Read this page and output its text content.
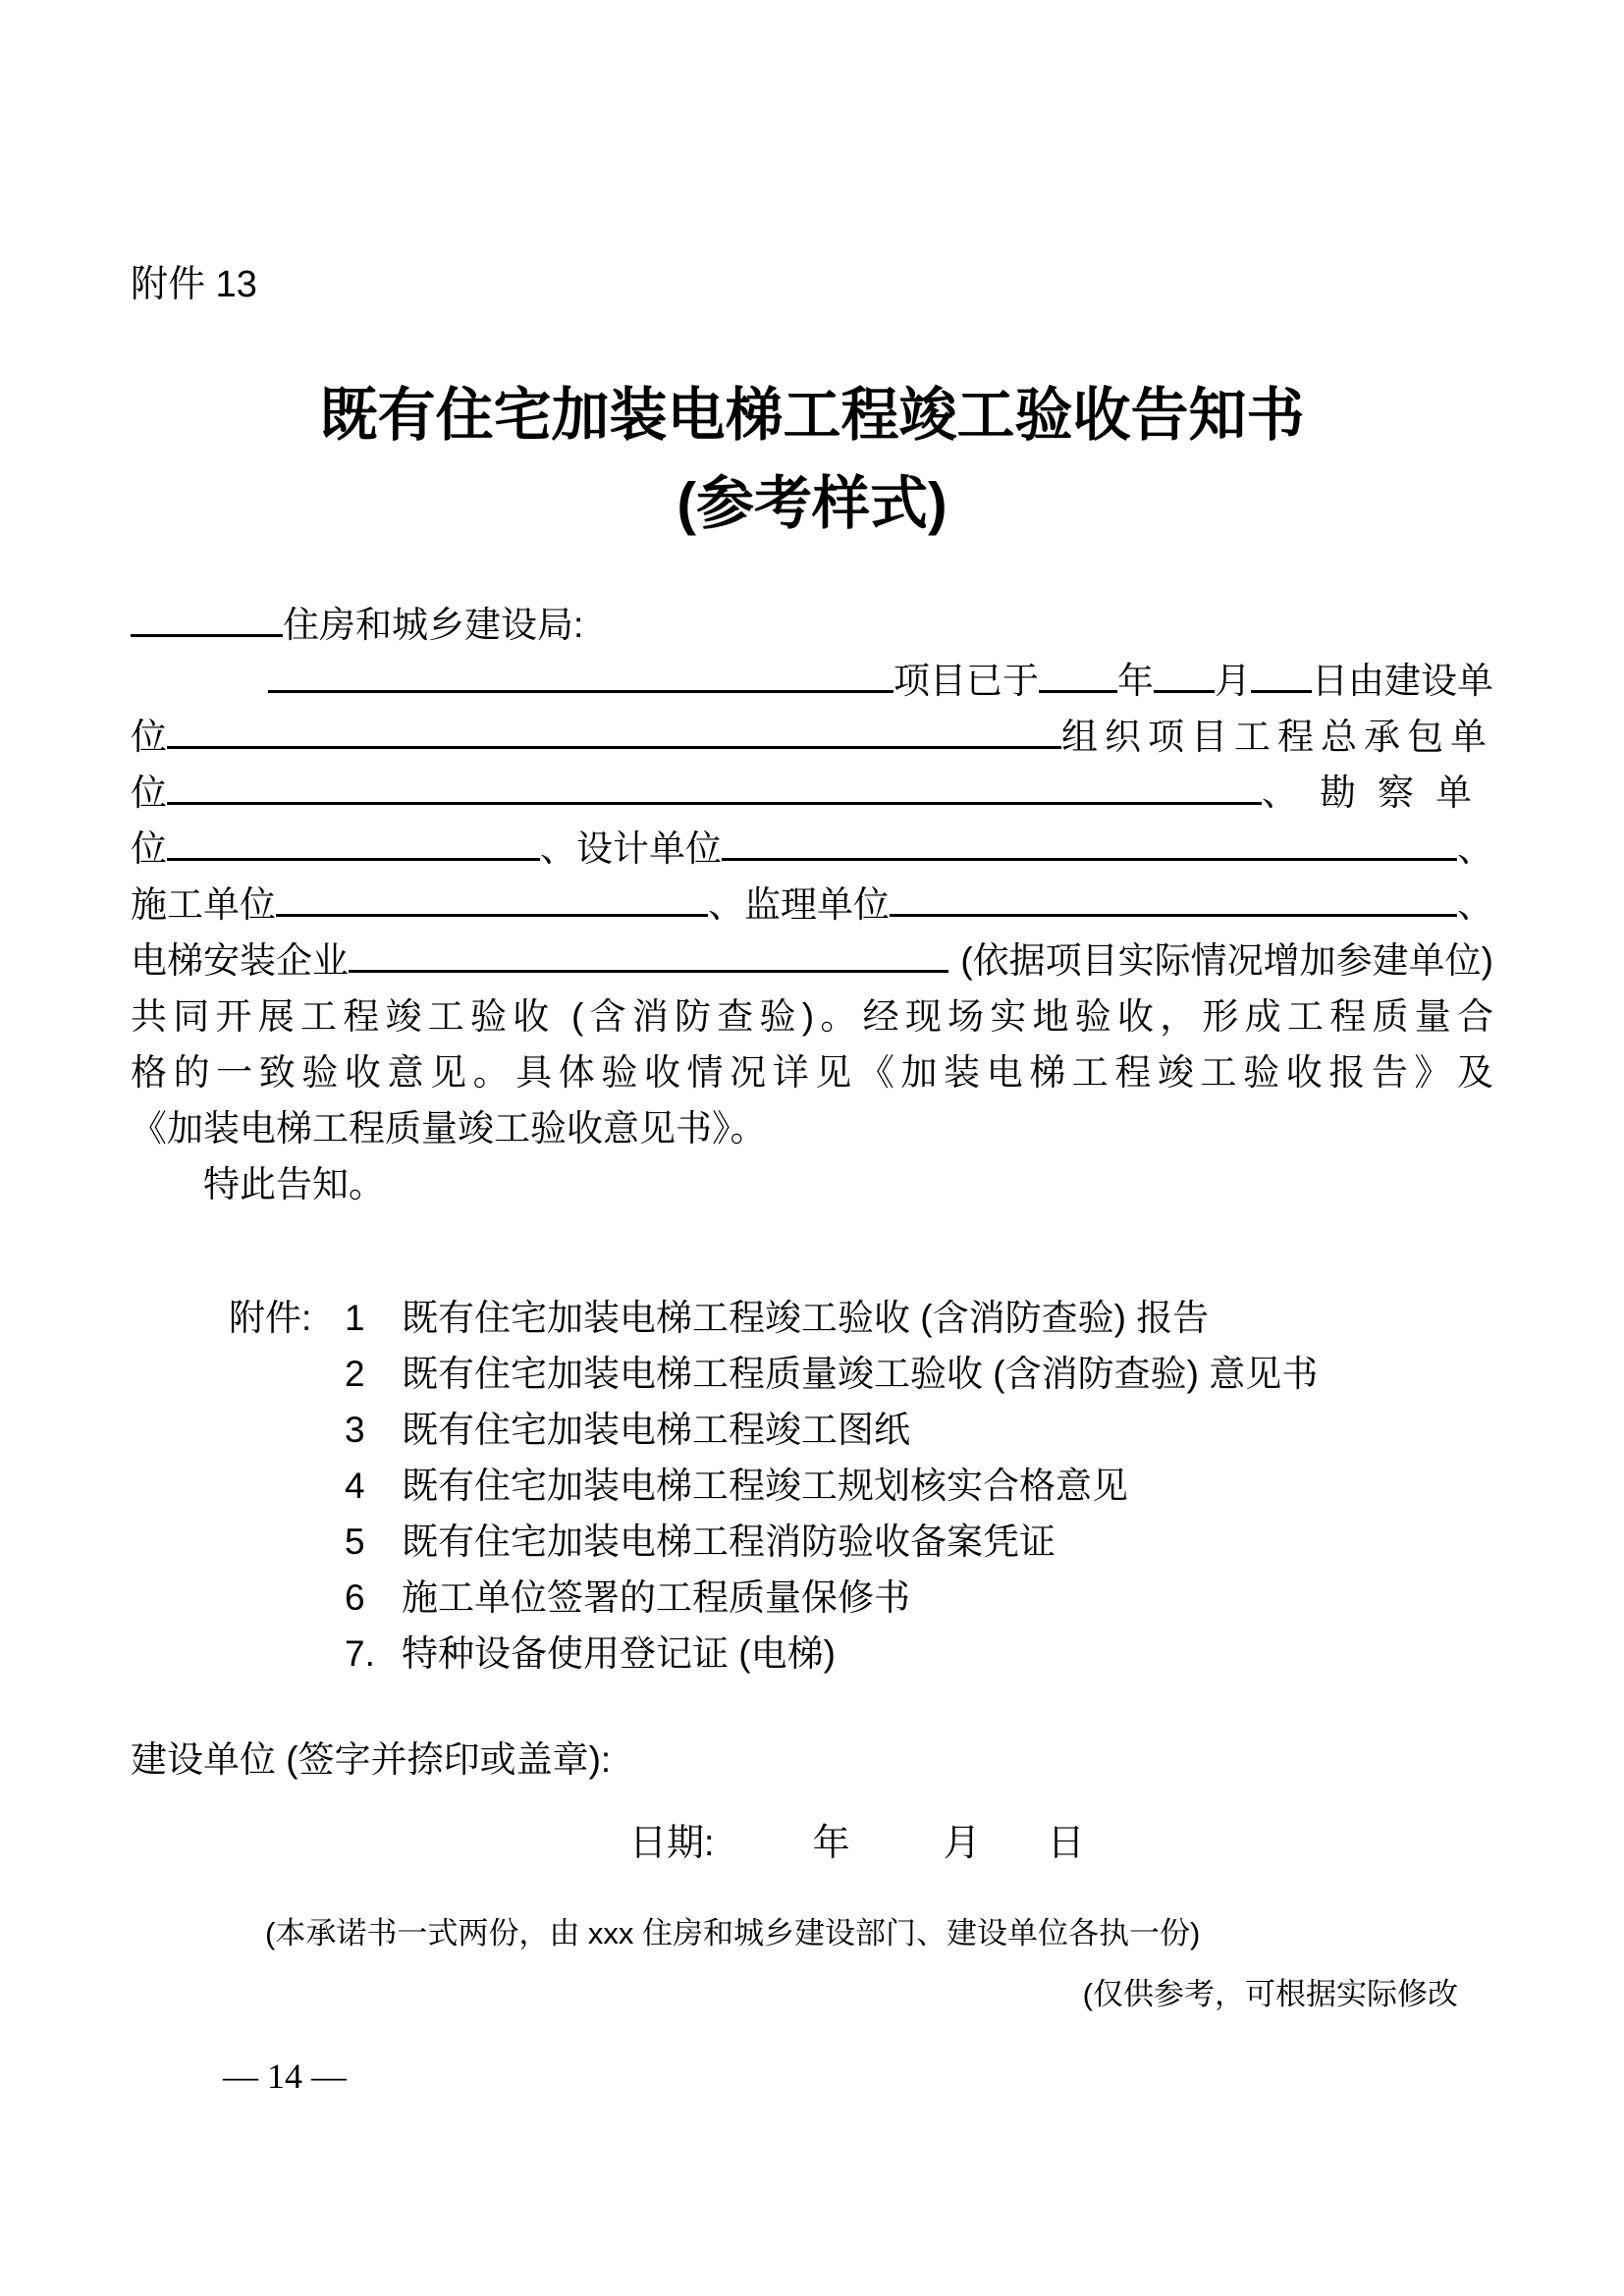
附件 13
既有住宅加装电梯工程竣工验收告知书
(参考样式)
住房和城乡建设局:
项目已于 年 月 日由建设单
位	组织项目工程总承包单
位	、勘察单
位	、设计单位	、
施工单位	、监理单位	、
电梯安装企业	(依据项目实际情况增加参建单位)
共同开展工程竣工验收 (含消防查验)。经现场实地验收，形成工程质量合
格的一致验收意见。具体验收情况详见《加装电梯工程竣工验收报告》及
《加装电梯工程质量竣工验收意见书》。
特此告知。
附件: 1	既有住宅加装电梯工程竣工验收 (含消防查验) 报告
2	既有住宅加装电梯工程质量竣工验收 (含消防查验) 意见书
3	既有住宅加装电梯工程竣工图纸
4	既有住宅加装电梯工程竣工规划核实合格意见
5	既有住宅加装电梯工程消防验收备案凭证
6	施工单位签署的工程质量保修书
7. 特种设备使用登记证 (电梯)
建设单位 (签字并捺印或盖章):
日期:	年	月 日
(本承诺书一式两份，由 xxx 住房和城乡建设部门、建设单位各执一份)
(仅供参考，可根据实际修改
— 14 —
